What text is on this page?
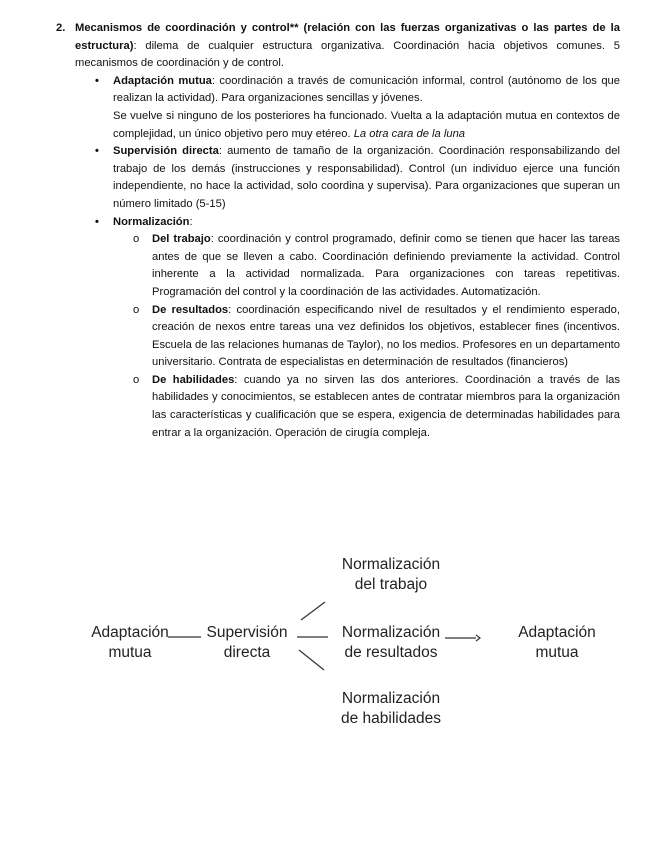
2. Mecanismos de coordinación y control** (relación con las fuerzas organizativas o las partes de la estructura): dilema de cualquier estructura organizativa. Coordinación hacia objetivos comunes. 5 mecanismos de coordinación y de control.
• Adaptación mutua: coordinación a través de comunicación informal, control (autónomo de los que realizan la actividad). Para organizaciones sencillas y jóvenes.
Se vuelve si ninguno de los posteriores ha funcionado. Vuelta a la adaptación mutua en contextos de complejidad, un único objetivo pero muy etéreo. La otra cara de la luna
• Supervisión directa: aumento de tamaño de la organización. Coordinación responsabilizando del trabajo de los demás (instrucciones y responsabilidad). Control (un individuo ejerce una función independiente, no hace la actividad, solo coordina y supervisa). Para organizaciones que superan un número limitado (5-15)
• Normalización:
o Del trabajo: coordinación y control programado, definir como se tienen que hacer las tareas antes de que se lleven a cabo. Coordinación definiendo previamente la actividad. Control inherente a la actividad normalizada. Para organizaciones con tareas repetitivas. Programación del control y la coordinación de las actividades. Automatización.
o De resultados: coordinación especificando nivel de resultados y el rendimiento esperado, creación de nexos entre tareas una vez definidos los objetivos, establecer fines (incentivos. Escuela de las relaciones humanas de Taylor), no los medios. Profesores en un departamento universitario. Contrata de especialistas en determinación de resultados (financieros)
o De habilidades: cuando ya no sirven las dos anteriores. Coordinación a través de las habilidades y conocimientos, se establecen antes de contratar miembros para la organización las características y cualificación que se espera, exigencia de determinadas habilidades para entrar a la organización. Operación de cirugía compleja.
Adaptación
mutua
Supervisión
directa
Normalización
del trabajo
Normalización
de resultados
Normalización
de habilidades
Adaptación
mutua
